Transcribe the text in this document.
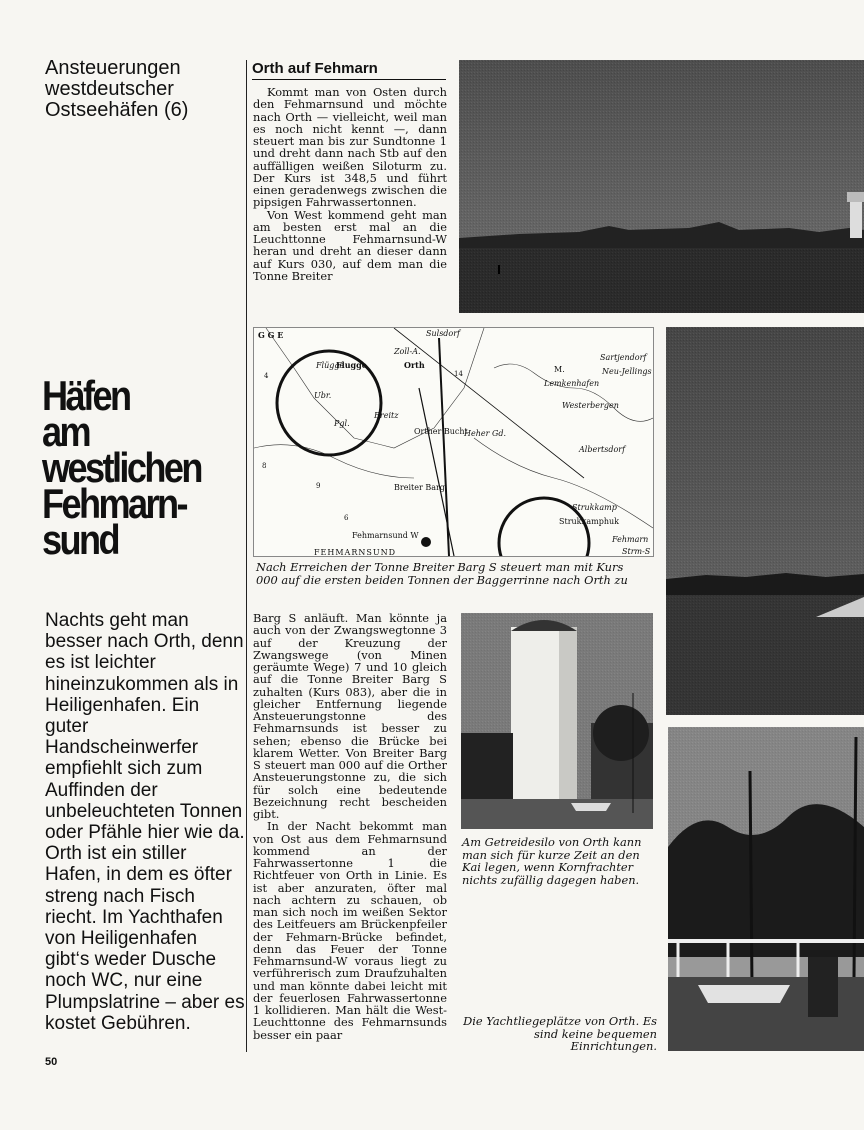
Ansteuerungen westdeutscher Ostseehäfen (6)
Häfen
am
westlichen
Fehmarn-
sund
Nachts geht man besser nach Orth, denn es ist leichter hineinzukommen als in Heiligenhafen. Ein guter Handscheinwerfer empfiehlt sich zum Auffinden der unbeleuchteten Tonnen oder Pfähle hier wie da. Orth ist ein stiller Hafen, in dem es öfter streng nach Fisch riecht. Im Yachthafen von Heiligenhafen gibt‘s weder Dusche noch WC, nur eine Plumpslatrine – aber es kostet Gebühren.
50
Orth auf Fehmarn

Kommt man von Osten durch den Fehmarnsund und möchte nach Orth — vielleicht, weil man es noch nicht kennt —, dann steuert man bis zur Sundtonne 1 und dreht dann nach Stb auf den auffälligen weißen Siloturm zu. Der Kurs ist 348,5 und führt einen geradenwegs zwischen die pipsigen Fahrwassertonnen.

Von West kommend geht man am besten erst mal an die Leuchttonne Fehmarnsund-W heran und dreht an dieser dann auf Kurs 030, auf dem man die Tonne Breiter

Barg S anläuft. Man könnte ja auch von der Zwangswegtonne 3 auf der Kreuzung der Zwangswege (von Minen geräumte Wege) 7 und 10 gleich auf die Tonne Breiter Barg S zuhalten (Kurs 083), aber die in gleicher Entfernung liegende Ansteuerungstonne des Fehmarnsunds ist besser zu sehen; ebenso die Brücke bei klarem Wetter. Von Breiter Barg S steuert man 000 auf die Orther Ansteuerungstonne zu, die sich für solch eine bedeutende Bezeichnung recht bescheiden gibt.

In der Nacht bekommt man von Ost aus dem Fehmarnsund kommend an der Fahrwassertonne 1 die Richtfeuer von Orth in Linie. Es ist aber anzuraten, öfter mal nach achtern zu schauen, ob man sich noch im weißen Sektor des Leitfeuers am Brückenpfeiler der Fehmarn-Brücke befindet, denn das Feuer der Tonne Fehmarnsund-W voraus liegt zu verführerisch zum Draufzuhalten und man könnte dabei leicht mit der feuerlosen Fahrwassertonne 1 kollidieren. Man hält die West-Leuchttonne des Fehmarnsunds besser ein paar

G G E
Flugge
Sulsdorf
Flügge
Ubr.
Pgl.
Zoll-A.
Orth
Breitz
Orther Bucht
Heher Gd.
M.
Lemkenhafen
Sartjendorf
Neu-Jellings
Westerbergen
Albertsdorf
Breiter Barg
Strukkamp
Strukkamphuk
Fehmarnsund W
FEHMARNSUND
Fehmarn
Strm-S
4	14
8
6
9
Nach Erreichen der Tonne Breiter Barg S steuert man mit Kurs 000 auf die ersten beiden Tonnen der Baggerrinne nach Orth zu
Am Getreidesilo von Orth kann man sich für kurze Zeit an den Kai legen, wenn Kornfrachter nichts zufällig dagegen haben.
Die Yachtliegeplätze von Orth. Es sind keine bequemen Einrichtungen.
